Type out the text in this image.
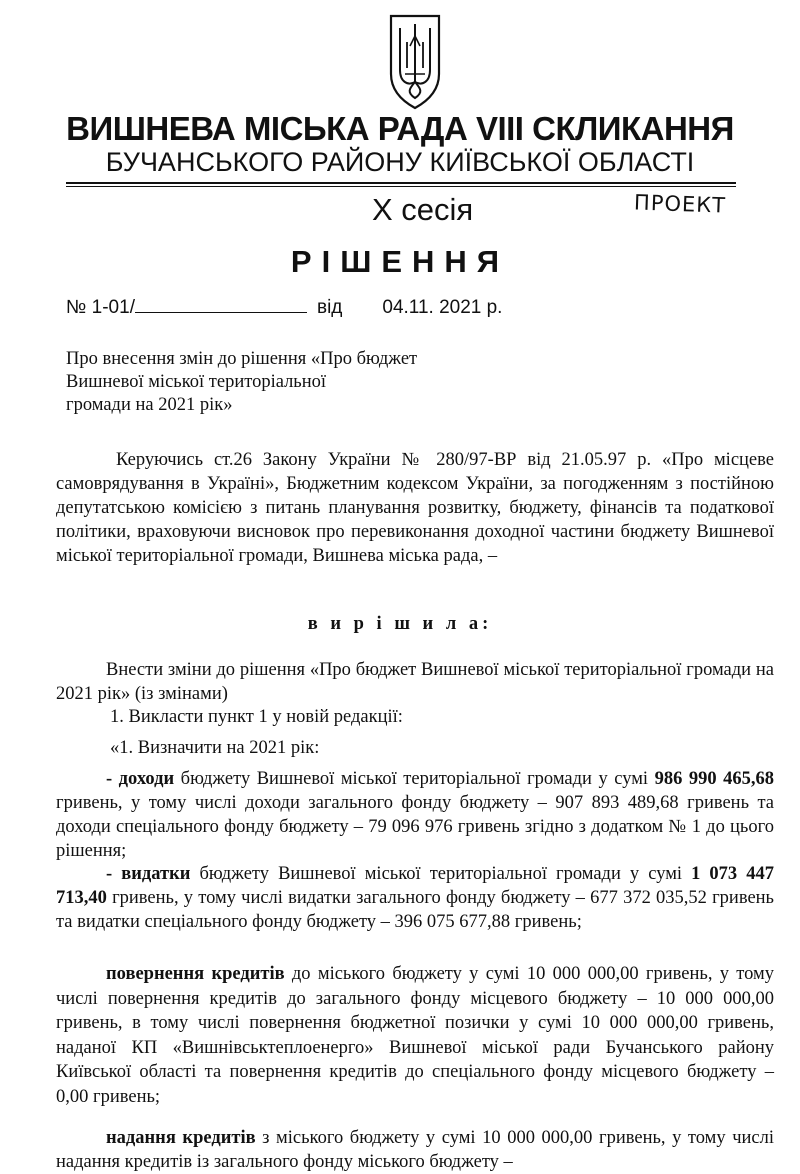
ВИШНЕВА МІСЬКА РАДА VIII СКЛИКАННЯ
БУЧАНСЬКОГО РАЙОНУ КИЇВСЬКОЇ ОБЛАСТІ
Х сесія	ПРОЕКТ
РІШЕННЯ
№ 1-01/	від 04.11. 2021 р.
Про внесення змін до рішення «Про бюджет
Вишневої міської територіальної
громади на 2021 рік»
Керуючись ст.26 Закону України № 280/97-ВР від 21.05.97 р. «Про місцеве самоврядування в Україні», Бюджетним кодексом України, за погодженням з постійною депутатською комісією з питань планування розвитку, бюджету, фінансів та податкової політики, враховуючи висновок про перевиконання доходної частини бюджету Вишневої міської територіальної громади, Вишнева міська рада, –
в и р і ш и л а:
Внести зміни до рішення «Про бюджет Вишневої міської територіальної громади на 2021 рік» (із змінами)
1. Викласти пункт 1 у новій редакції:
«1. Визначити на 2021 рік:
- доходи бюджету Вишневої міської територіальної громади у сумі 986 990 465,68 гривень, у тому числі доходи загального фонду бюджету – 907 893 489,68 гривень та доходи спеціального фонду бюджету – 79 096 976 гривень згідно з додатком № 1 до цього рішення;
- видатки бюджету Вишневої міської територіальної громади у сумі 1 073 447 713,40 гривень, у тому числі видатки загального фонду бюджету – 677 372 035,52 гривень та видатки спеціального фонду бюджету – 396 075 677,88 гривень;
повернення кредитів до міського бюджету у сумі 10 000 000,00 гривень, у тому числі повернення кредитів до загального фонду місцевого бюджету – 10 000 000,00 гривень, в тому числі повернення бюджетної позички у сумі 10 000 000,00 гривень, наданої КП «Вишнівськтеплоенерго» Вишневої міської ради Бучанського району Київської області та повернення кредитів до спеціального фонду місцевого бюджету – 0,00 гривень;
надання кредитів з міського бюджету у сумі 10 000 000,00 гривень, у тому числі надання кредитів із загального фонду міського бюджету –
